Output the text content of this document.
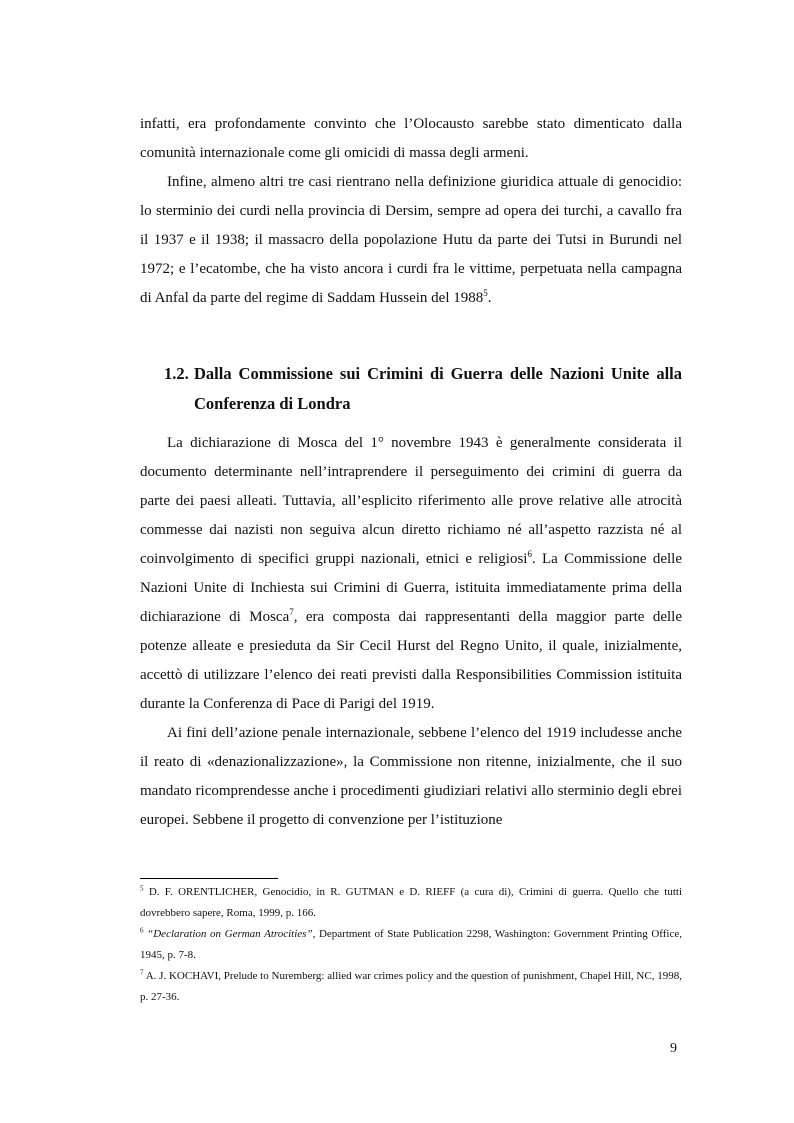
infatti, era profondamente convinto che l’Olocausto sarebbe stato dimenticato dalla comunità internazionale come gli omicidi di massa degli armeni.

Infine, almeno altri tre casi rientrano nella definizione giuridica attuale di genocidio: lo sterminio dei curdi nella provincia di Dersim, sempre ad opera dei turchi, a cavallo fra il 1937 e il 1938; il massacro della popolazione Hutu da parte dei Tutsi in Burundi nel 1972; e l’ecatombe, che ha visto ancora i curdi fra le vittime, perpetuata nella campagna di Anfal da parte del regime di Saddam Hussein del 1988$^5$.

1.2. Dalla Commissione sui Crimini di Guerra delle Nazioni Unite alla Conferenza di Londra

La dichiarazione di Mosca del 1° novembre 1943 è generalmente considerata il documento determinante nell’intraprendere il perseguimento dei crimini di guerra da parte dei paesi alleati. Tuttavia, all’esplicito riferimento alle prove relative alle atrocità commesse dai nazisti non seguiva alcun diretto richiamo né all’aspetto razzista né al coinvolgimento di specifici gruppi nazionali, etnici e religiosi$^6$. La Commissione delle Nazioni Unite di Inchiesta sui Crimini di Guerra, istituita immediatamente prima della dichiarazione di Mosca$^7$, era composta dai rappresentanti della maggior parte delle potenze alleate e presieduta da Sir Cecil Hurst del Regno Unito, il quale, inizialmente, accettò di utilizzare l’elenco dei reati previsti dalla Responsibilities Commission istituita durante la Conferenza di Pace di Parigi del 1919.

Ai fini dell’azione penale internazionale, sebbene l’elenco del 1919 includesse anche il reato di «denazionalizzazione», la Commissione non ritenne, inizialmente, che il suo mandato ricomprendesse anche i procedimenti giudiziari relativi allo sterminio degli ebrei europei. Sebbene il progetto di convenzione per l’istituzione

$^5$ D. F. ORENTLICHER, Genocidio, in R. GUTMAN e D. RIEFF (a cura di), Crimini di guerra. Quello che tutti dovrebbero sapere, Roma, 1999, p. 166.

$^6$ “Declaration on German Atrocities”, Department of State Publication 2298, Washington: Government Printing Office, 1945, p. 7-8.

$^7$ A. J. KOCHAVI, Prelude to Nuremberg: allied war crimes policy and the question of punishment, Chapel Hill, NC, 1998, p. 27-36.

9
